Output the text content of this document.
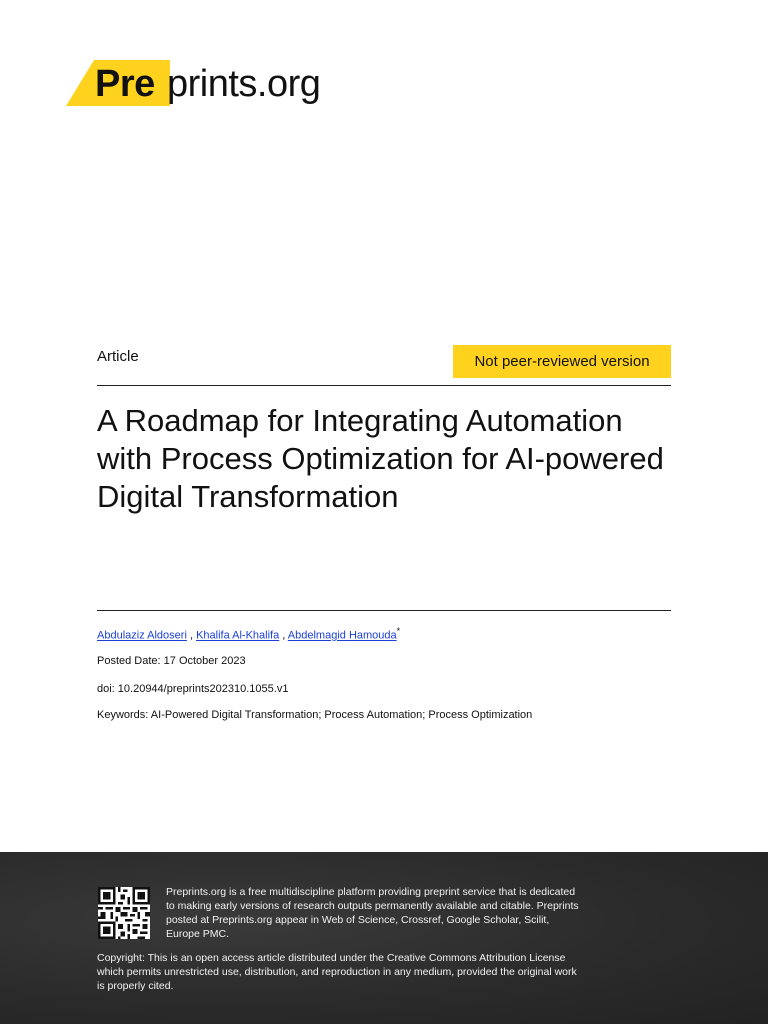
Pre prints.org
Article	Not peer-reviewed version
A Roadmap for Integrating Automation with Process Optimization for AI-powered Digital Transformation
Abdulaziz Aldoseri , Khalifa Al-Khalifa , Abdelmagid Hamouda*
Posted Date: 17 October 2023
doi: 10.20944/preprints202310.1055.v1
Keywords: AI-Powered Digital Transformation; Process Automation; Process Optimization
Preprints.org is a free multidiscipline platform providing preprint service that is dedicated to making early versions of research outputs permanently available and citable. Preprints posted at Preprints.org appear in Web of Science, Crossref, Google Scholar, Scilit, Europe PMC.
Copyright: This is an open access article distributed under the Creative Commons Attribution License which permits unrestricted use, distribution, and reproduction in any medium, provided the original work is properly cited.
